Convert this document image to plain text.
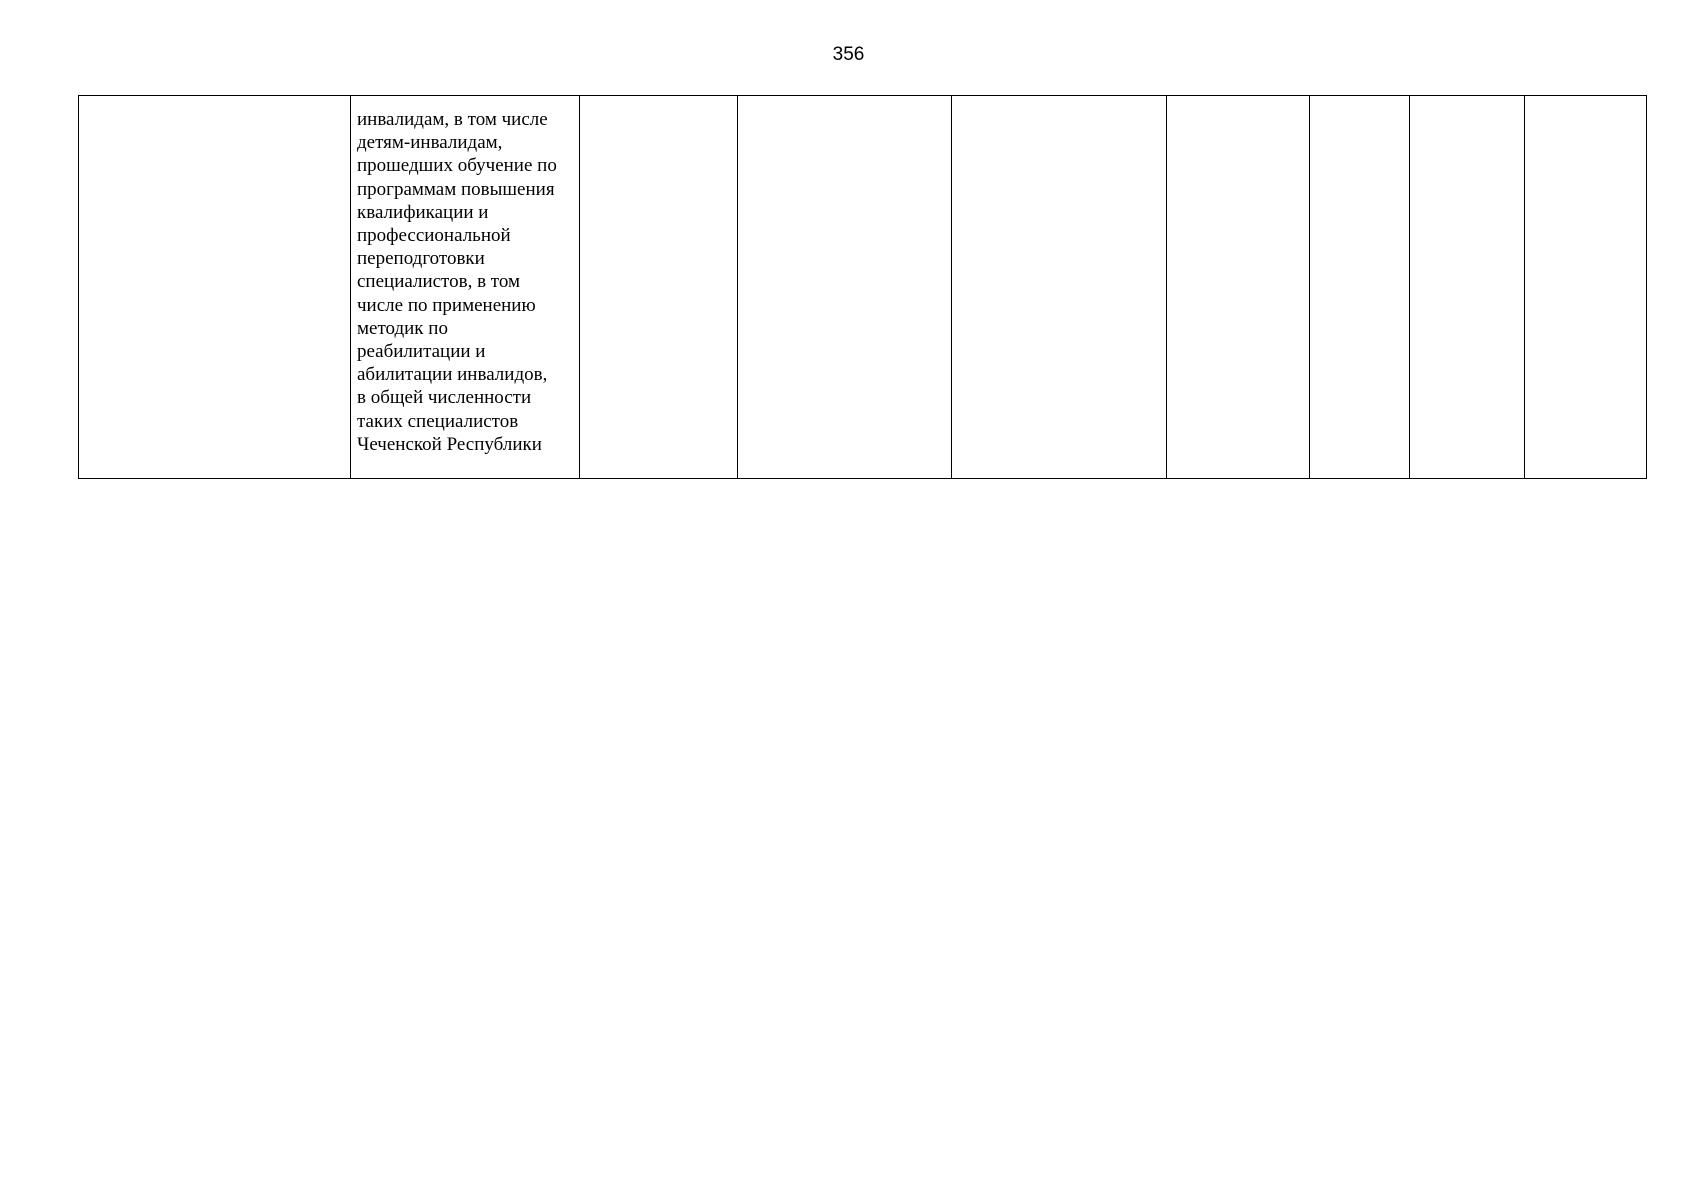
356
	инвалидам, в том числе
детям-инвалидам,
прошедших обучение по
программам повышения
квалификации и
профессиональной
переподготовки
специалистов, в том
числе по применению
методик по
реабилитации и
абилитации инвалидов,
в общей численности
таких специалистов
Чеченской Республики							
